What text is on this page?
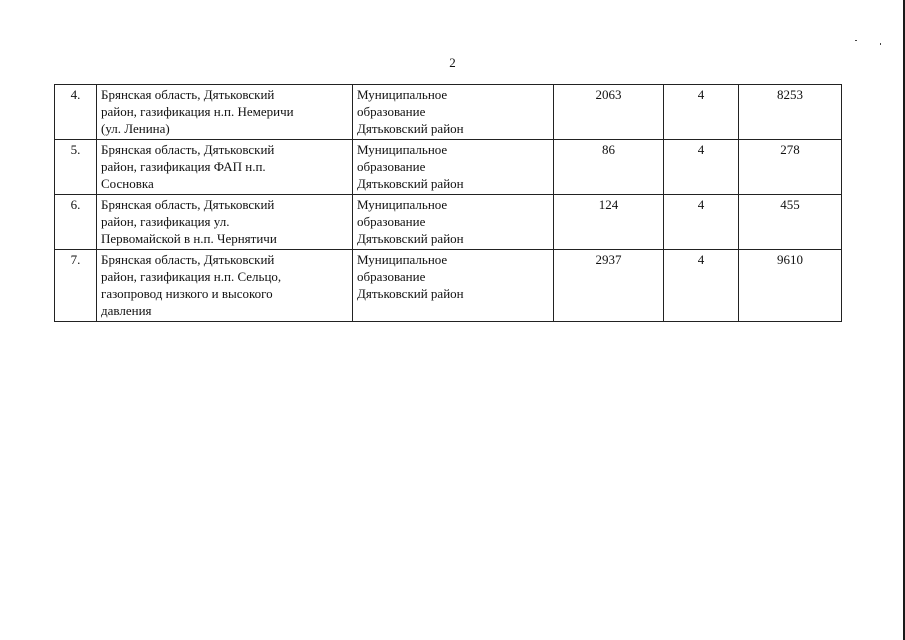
2
4.	Брянская область, Дятьковский
район, газификация н.п. Немеричи
(ул. Ленина)	Муниципальное
образование
Дятьковский район	2063	4	8253
5.	Брянская область, Дятьковский
район, газификация ФАП н.п.
Сосновка	Муниципальное
образование
Дятьковский район	86	4	278
6.	Брянская область, Дятьковский
район, газификация ул.
Первомайской в н.п. Чернятичи	Муниципальное
образование
Дятьковский район	124	4	455
7.	Брянская область, Дятьковский
район, газификация н.п. Сельцо,
газопровод низкого и высокого
давления	Муниципальное
образование
Дятьковский район	2937	4	9610
